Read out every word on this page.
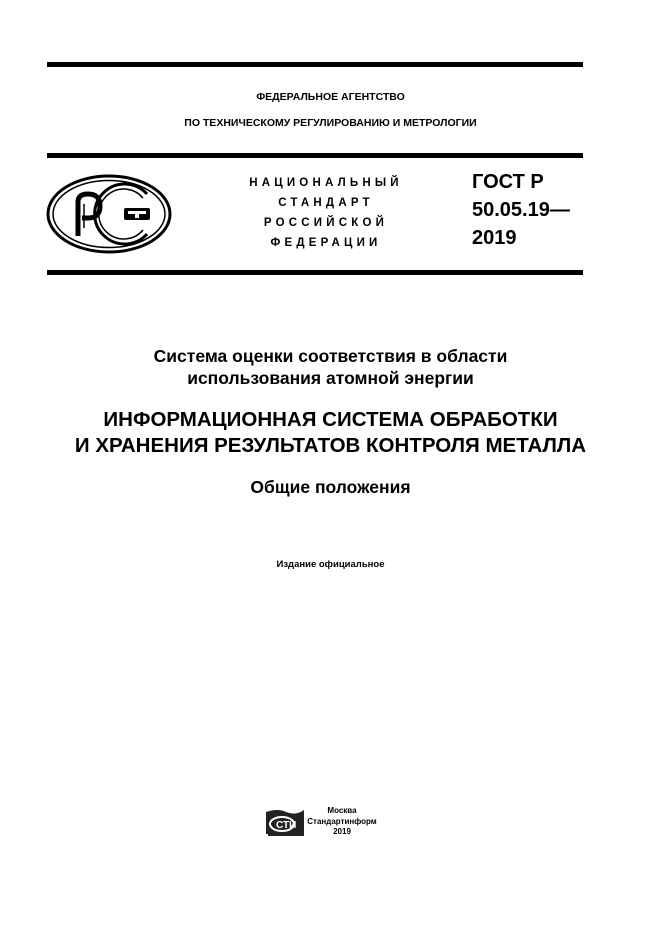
ФЕДЕРАЛЬНОЕ АГЕНТСТВО
ПО ТЕХНИЧЕСКОМУ РЕГУЛИРОВАНИЮ И МЕТРОЛОГИИ
НАЦИОНАЛЬНЫЙ
СТАНДАРТ
РОССИЙСКОЙ
ФЕДЕРАЦИИ
ГОСТ Р
50.05.19—
2019
Система оценки соответствия в области
использования атомной энергии
ИНФОРМАЦИОННАЯ СИСТЕМА ОБРАБОТКИ
И ХРАНЕНИЯ РЕЗУЛЬТАТОВ КОНТРОЛЯ МЕТАЛЛА
Общие положения
Издание официальное
СТИ
Москва
Стандартинформ
2019
